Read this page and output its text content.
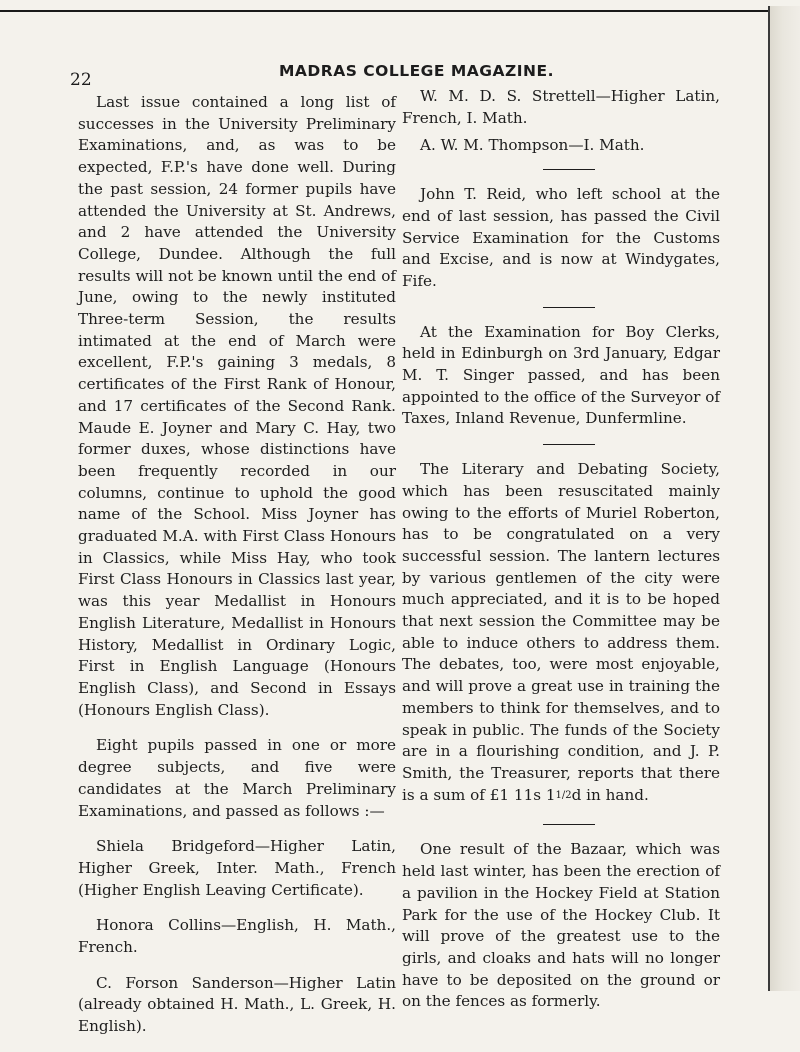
22	MADRAS COLLEGE MAGAZINE.

Last issue contained a long list of successes in the University Preliminary Examinations, and, as was to be expected, F.P.'s have done well. During the past session, 24 former pupils have attended the University at St. Andrews, and 2 have attended the University College, Dundee. Although the full results will not be known until the end of June, owing to the newly instituted Three-term Session, the results intimated at the end of March were excellent, F.P.'s gaining 3 medals, 8 certificates of the First Rank of Honour, and 17 certificates of the Second Rank. Maude E. Joyner and Mary C. Hay, two former duxes, whose distinctions have been frequently recorded in our columns, continue to uphold the good name of the School. Miss Joyner has graduated M.A. with First Class Honours in Classics, while Miss Hay, who took First Class Honours in Classics last year, was this year Medallist in Honours English Literature, Medallist in Honours History, Medallist in Ordinary Logic, First in English Language (Honours English Class), and Second in Essays (Honours English Class).

Eight pupils passed in one or more degree subjects, and five were candidates at the March Preliminary Examinations, and passed as follows :—

Shiela Bridgeford—Higher Latin, Higher Greek, Inter. Math., French (Higher English Leaving Certificate).

Honora Collins—English, H. Math., French.

C. Forson Sanderson—Higher Latin (already obtained H. Math., L. Greek, H. English).

W. M. D. S. Strettell—Higher Latin, French, I. Math.

A. W. M. Thompson—I. Math.

John T. Reid, who left school at the end of last session, has passed the Civil Service Examination for the Customs and Excise, and is now at Windygates, Fife.

At the Examination for Boy Clerks, held in Edinburgh on 3rd January, Edgar M. T. Singer passed, and has been appointed to the office of the Surveyor of Taxes, Inland Revenue, Dunfermline.

The Literary and Debating Society, which has been resuscitated mainly owing to the efforts of Muriel Roberton, has to be congratulated on a very successful session. The lantern lectures by various gentlemen of the city were much appreciated, and it is to be hoped that next session the Committee may be able to induce others to address them. The debates, too, were most enjoyable, and will prove a great use in training the members to think for themselves, and to speak in public. The funds of the Society are in a flourishing condition, and J. P. Smith, the Treasurer, reports that there is a sum of £1 11s 11/2d in hand.

One result of the Bazaar, which was held last winter, has been the erection of a pavilion in the Hockey Field at Station Park for the use of the Hockey Club. It will prove of the greatest use to the girls, and cloaks and hats will no longer have to be deposited on the ground or on the fences as formerly.
